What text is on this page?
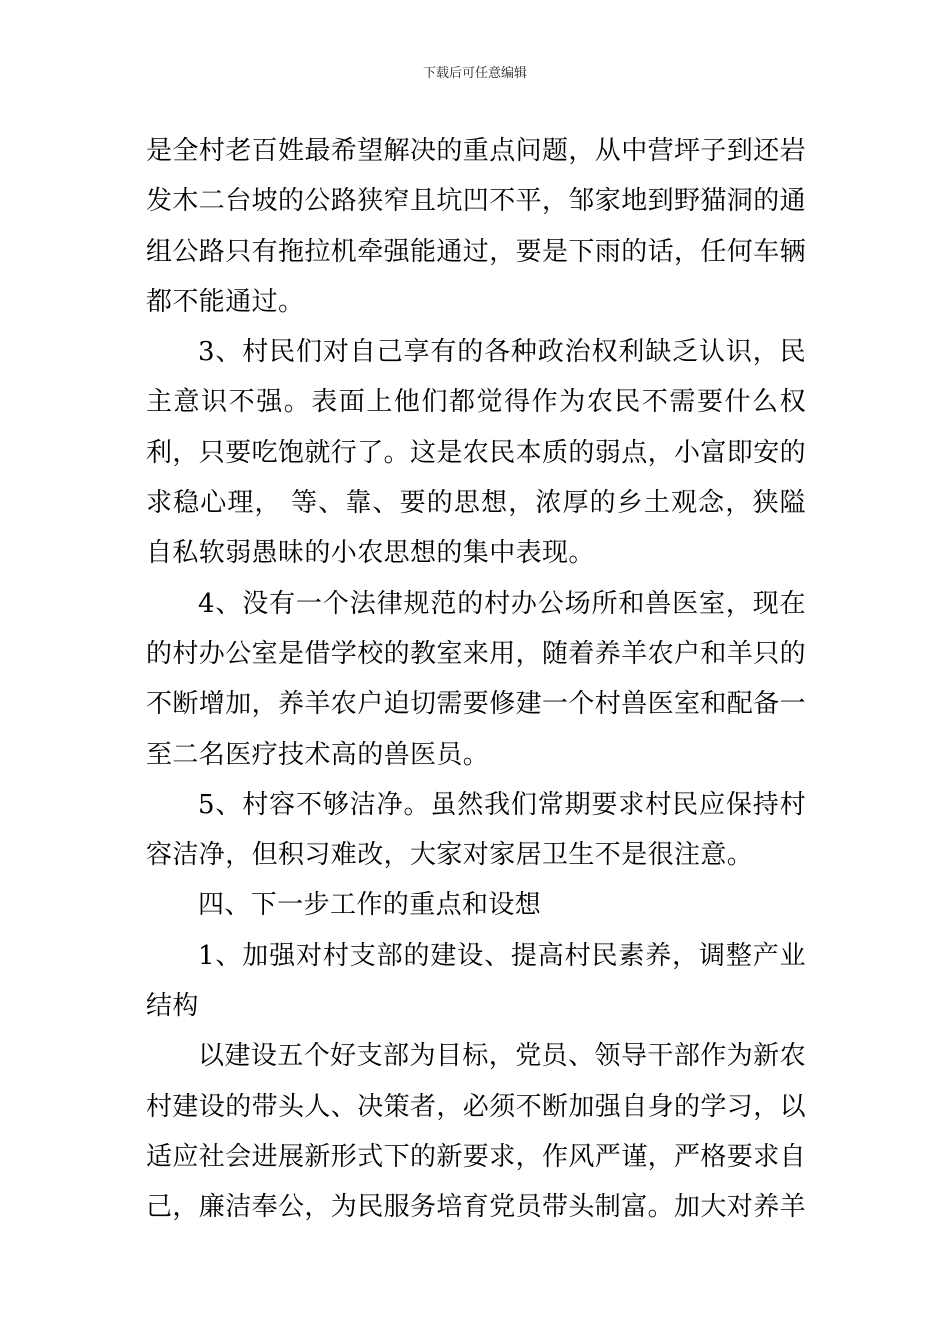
下载后可任意编辑

是全村老百姓最希望解决的重点问题，从中营坪子到还岩发木二台坡的公路狭窄且坑凹不平，邹家地到野猫洞的通组公路只有拖拉机牵强能通过，要是下雨的话，任何车辆都不能通过。

3、村民们对自己享有的各种政治权利缺乏认识，民主意识不强。表面上他们都觉得作为农民不需要什么权利，只要吃饱就行了。这是农民本质的弱点，小富即安的求稳心理， 等、靠、要的思想，浓厚的乡土观念，狭隘自私软弱愚昧的小农思想的集中表现。

4、没有一个法律规范的村办公场所和兽医室，现在的村办公室是借学校的教室来用，随着养羊农户和羊只的不断增加，养羊农户迫切需要修建一个村兽医室和配备一至二名医疗技术高的兽医员。

5、村容不够洁净。虽然我们常期要求村民应保持村容洁净，但积习难改，大家对家居卫生不是很注意。

四、下一步工作的重点和设想

1、加强对村支部的建设、提高村民素养，调整产业结构

以建设五个好支部为目标，党员、领导干部作为新农村建设的带头人、决策者，必须不断加强自身的学习，以适应社会进展新形式下的新要求，作风严谨，严格要求自己，廉洁奉公，为民服务培育党员带头制富。加大对养羊
